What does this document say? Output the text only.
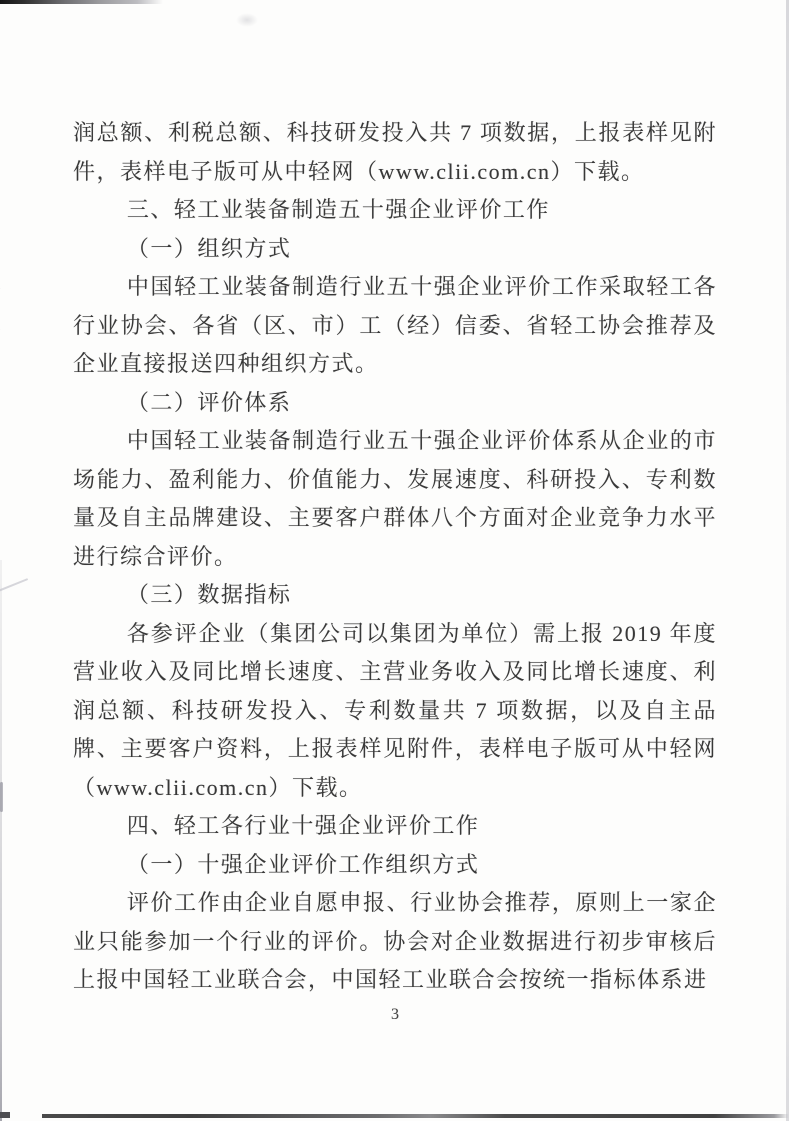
润总额、利税总额、科技研发投入共 7 项数据，上报表样见附件，表样电子版可从中轻网（www.clii.com.cn）下载。

三、轻工业装备制造五十强企业评价工作

（一）组织方式

中国轻工业装备制造行业五十强企业评价工作采取轻工各行业协会、各省（区、市）工（经）信委、省轻工协会推荐及企业直接报送四种组织方式。

（二）评价体系

中国轻工业装备制造行业五十强企业评价体系从企业的市场能力、盈利能力、价值能力、发展速度、科研投入、专利数量及自主品牌建设、主要客户群体八个方面对企业竞争力水平进行综合评价。

（三）数据指标

各参评企业（集团公司以集团为单位）需上报 2019 年度营业收入及同比增长速度、主营业务收入及同比增长速度、利润总额、科技研发投入、专利数量共 7 项数据，以及自主品牌、主要客户资料，上报表样见附件，表样电子版可从中轻网（www.clii.com.cn）下载。

四、轻工各行业十强企业评价工作

（一）十强企业评价工作组织方式

评价工作由企业自愿申报、行业协会推荐，原则上一家企业只能参加一个行业的评价。协会对企业数据进行初步审核后上报中国轻工业联合会，中国轻工业联合会按统一指标体系进

3
